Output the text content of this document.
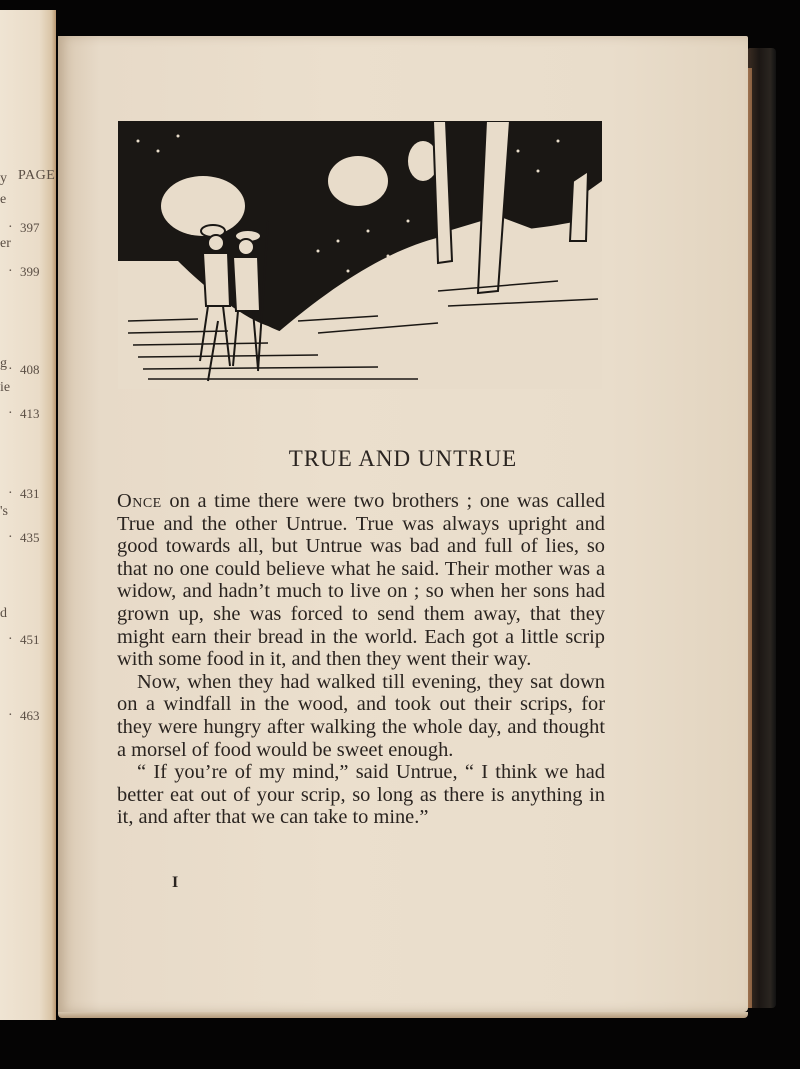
PAGE
y
e
· 397
er
· 399
g · 408
ie
· 413
· 431
's
· 435
d
· 451
· 463
TRUE AND UNTRUE

Once on a time there were two brothers ; one was called True and the other Untrue. True was always upright and good towards all, but Untrue was bad and full of lies, so that no one could believe what he said. Their mother was a widow, and hadn’t much to live on ; so when her sons had grown up, she was forced to send them away, that they might earn their bread in the world. Each got a little scrip with some food in it, and then they went their way.

Now, when they had walked till evening, they sat down on a windfall in the wood, and took out their scrips, for they were hungry after walking the whole day, and thought a morsel of food would be sweet enough.

“ If you’re of my mind,” said Untrue, “ I think we had better eat out of your scrip, so long as there is anything in it, and after that we can take to mine.”

I
